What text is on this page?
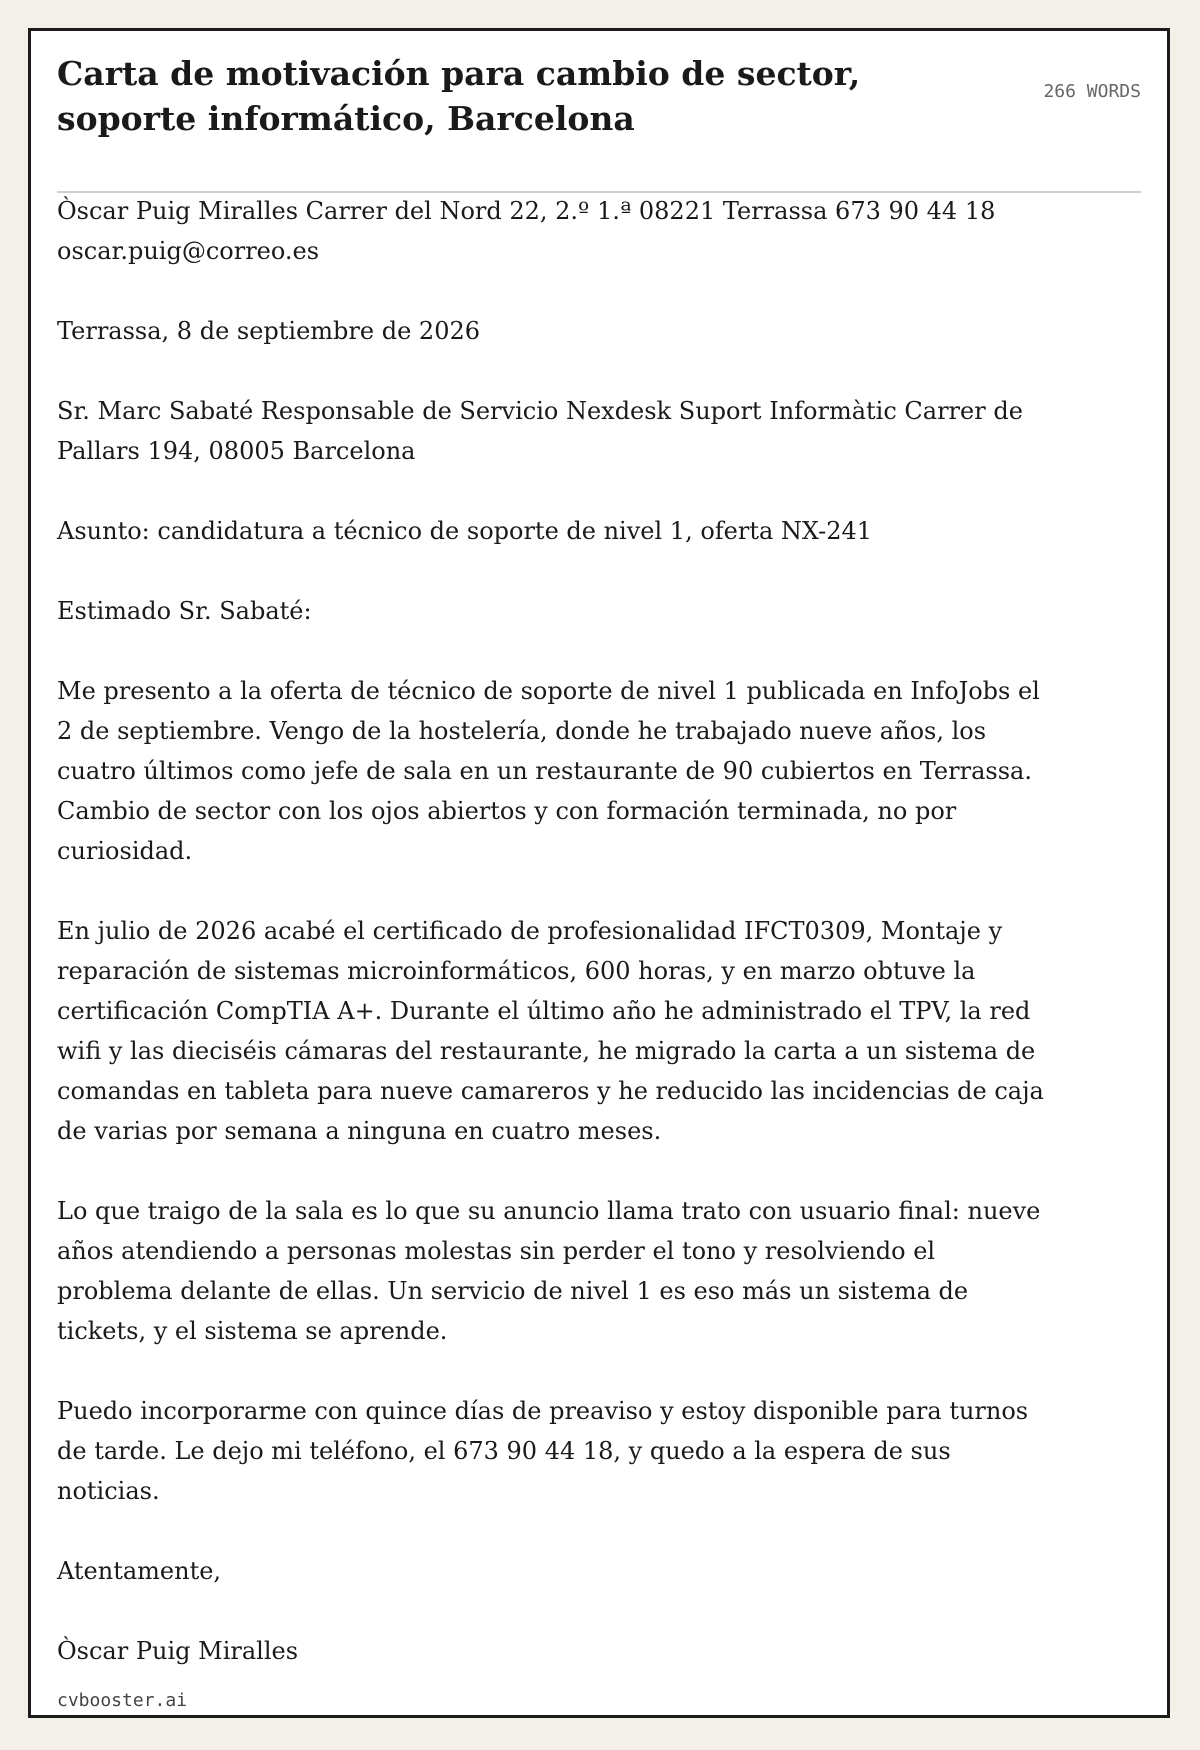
Carta de motivación para cambio de sector, soporte informático, Barcelona
266 WORDS

Òscar Puig Miralles Carrer del Nord 22, 2.º 1.ª 08221 Terrassa 673 90 44 18 oscar.puig@correo.es

Terrassa, 8 de septiembre de 2026

Sr. Marc Sabaté Responsable de Servicio Nexdesk Suport Informàtic Carrer de Pallars 194, 08005 Barcelona

Asunto: candidatura a técnico de soporte de nivel 1, oferta NX-241

Estimado Sr. Sabaté:

Me presento a la oferta de técnico de soporte de nivel 1 publicada en InfoJobs el 2 de septiembre. Vengo de la hostelería, donde he trabajado nueve años, los cuatro últimos como jefe de sala en un restaurante de 90 cubiertos en Terrassa. Cambio de sector con los ojos abiertos y con formación terminada, no por curiosidad.

En julio de 2026 acabé el certificado de profesionalidad IFCT0309, Montaje y reparación de sistemas microinformáticos, 600 horas, y en marzo obtuve la certificación CompTIA A+. Durante el último año he administrado el TPV, la red wifi y las dieciséis cámaras del restaurante, he migrado la carta a un sistema de comandas en tableta para nueve camareros y he reducido las incidencias de caja de varias por semana a ninguna en cuatro meses.

Lo que traigo de la sala es lo que su anuncio llama trato con usuario final: nueve años atendiendo a personas molestas sin perder el tono y resolviendo el problema delante de ellas. Un servicio de nivel 1 es eso más un sistema de tickets, y el sistema se aprende.

Puedo incorporarme con quince días de preaviso y estoy disponible para turnos de tarde. Le dejo mi teléfono, el 673 90 44 18, y quedo a la espera de sus noticias.

Atentamente,

Òscar Puig Miralles

cvbooster.ai
